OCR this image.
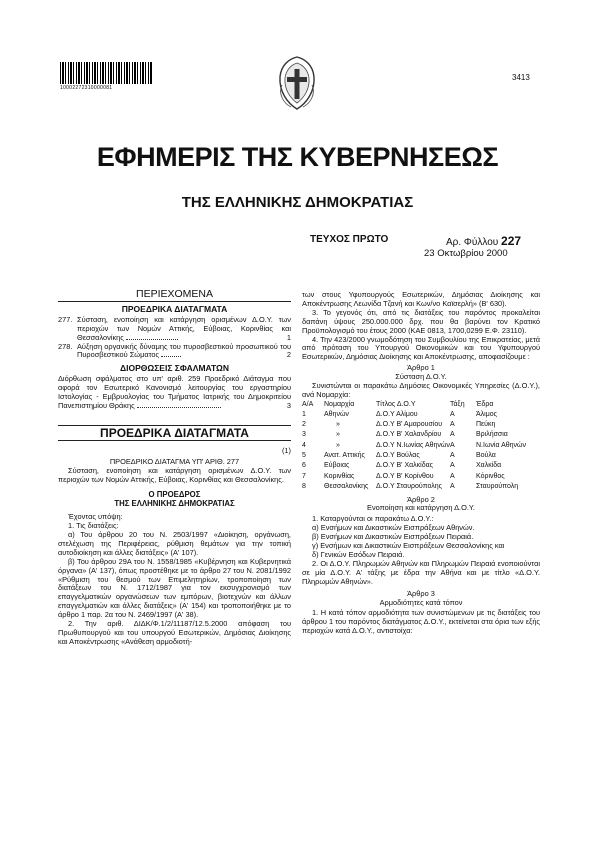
10002272310000081
3413
ΕΦΗΜΕΡΙΣ ΤΗΣ ΚΥΒΕΡΝΗΣΕΩΣ
ΤΗΣ ΕΛΛΗΝΙΚΗΣ ΔΗΜΟΚΡΑΤΙΑΣ
ΤΕΥΧΟΣ ΠΡΩΤΟ	Αρ. Φύλλου 227
23 Οκτωβρίου 2000
ΠΕΡΙΕΧΟΜΕΝΑ
ΠΡΟΕΔΡΙΚΑ ΔΙΑΤΑΓΜΑΤΑ
277. Σύσταση, ενοποίηση και κατάργηση ορισμένων Δ.Ο.Υ. των περιοχών των Νομών Αττικής, Εύβοιας, Κορινθίας και Θεσσαλονίκης	1
278. Αύξηση οργανικής δύναμης του πυροσβεστικού προσωπικού του Πυροσβεστικού Σώματος	2
ΔΙΟΡΘΩΣΕΙΣ ΣΦΑΛΜΑΤΩΝ
Διόρθωση σφάλματος στο υπ' αριθ. 259 Προεδρικό Διάταγμα που αφορά τον Εσωτερικό Κανονισμό λειτουργίας του εργαστηρίου Ιστολογίας - Εμβρυολογίας του Τμήματος Ιατρικής του Δημοκριτείου Πανεπιστημίου Θράκης	3
ΠΡΟΕΔΡΙΚΑ ΔΙΑΤΑΓΜΑΤΑ
(1)
ΠΡΟΕΔΡΙΚΟ ΔΙΑΤΑΓΜΑ ΥΠ' ΑΡΙΘ. 277
Σύσταση, ενοποίηση και κατάργηση ορισμένων Δ.Ο.Υ. των περιοχών των Νομών Αττικής, Εύβοιας, Κορινθίας και Θεσσαλονίκης.
Ο ΠΡΟΕΔΡΟΣ
ΤΗΣ ΕΛΛΗΝΙΚΗΣ ΔΗΜΟΚΡΑΤΙΑΣ
Έχοντας υπόψη:
1. Τις διατάξεις:
α) Του άρθρου 20 του Ν. 2503/1997 «Διοίκηση, οργάνωση, στελέχωση της Περιφέρειας, ρύθμιση θεμάτων για την τοπική αυτοδιοίκηση και άλλες διατάξεις» (Α' 107).
β) Του άρθρου 29Α του Ν. 1558/1985 «Κυβέρνηση και Κυβερνητικά όργανα» (Α' 137), όπως προστέθηκε με το άρθρο 27 του Ν. 2081/1992 «Ρύθμιση του θεσμού των Επιμελητηρίων, τροποποίηση των διατάξεων του Ν. 1712/1987 για τον εκσυγχρονισμό των επαγγελματικών οργανώσεων των εμπόρων, βιοτεχνών και άλλων επαγγελματιών και άλλες διατάξεις» (Α' 154) και τροποποιήθηκε με το άρθρο 1 παρ. 2α του Ν. 2469/1997 (Α' 38).
2. Την αριθ. ΔΙΔΚ/Φ.1/2/11187/12.5.2000 απόφαση του Πρωθυπουργού και του υπουργού Εσωτερικών, Δημόσιας Διοίκησης και Αποκέντρωσης «Ανάθεση αρμοδιοτή-
των στους Υφυπουργούς Εσωτερικών, Δημόσιας Διοίκησης και Αποκέντρωσης Λεωνίδα Τζανή και Κων/νο Καϊσερλή» (Β' 630).
3. Το γεγονός ότι, από τις διατάξεις του παρόντος προκαλείται δαπάνη ύψους 250.000.000 δρχ. που θα βαρύνει τον Κρατικό Προϋπολογισμό του έτους 2000 (ΚΑΕ 0813, 1700,0299 Ε.Φ. 23110).
4. Την 423/2000 γνωμοδότηση του Συμβουλίου της Επικρατείας, μετά από πρόταση του Υπουργού Οικονομικών και του Υφυπουργού Εσωτερικών, Δημόσιας Διοίκησης και Αποκέντρωσης, αποφασίζουμε :
Άρθρο 1
Σύσταση Δ.Ο.Υ.
Συνιστώνται οι παρακάτω Δημόσιες Οικονομικές Υπηρεσίες (Δ.Ο.Υ.), ανά Νομαρχία:
Α/Α	Νομαρχία	Τίτλος Δ.Ο.Υ	Τάξη	Έδρα
1	Αθηνών	Δ.Ο.Υ Αλίμου	Α	Άλιμος
2	»	Δ.Ο.Υ Β' Αμαρουσίου	Α	Πεύκη
3	»	Δ.Ο.Υ Β' Χαλανδρίου	Α	Βριλήσσια
4	»	Δ.Ο.Υ Ν.Ιωνίας Αθηνών	Α	Ν.Ιωνία Αθηνών
5	Ανατ. Αττικής	Δ.Ο.Υ Βούλας	Α	Βούλα
6	Εύβοιας	Δ.Ο.Υ Β' Χαλκίδας	Α	Χαλκίδα
7	Κορινθίας	Δ.Ο.Υ Β' Κορίνθου	Α	Κόρινθος
8	Θεσσαλονίκης	Δ.Ο.Υ Σταυρούπολης	Α	Σταυρούπολη
Άρθρο 2
Ενοποίηση και κατάργηση Δ.Ο.Υ.
1. Καταργούνται οι παρακάτω Δ.Ο.Υ.:
α) Ενσήμων και Δικαστικών Εισπράξεων Αθηνών.
β) Ενσήμων και Δικαστικών Εισπράξεων Πειραιά.
γ) Ενσήμων και Δικαστικών Εισπράξεων Θεσσαλονίκης και
δ) Γενικών Εσόδων Πειραιά.
2. Οι Δ.Ο.Υ. Πληρωμών Αθηνών και Πληρωμών Πειραιά ενοποιούνται σε μία Δ.Ο.Υ. Α' τάξης με έδρα την Αθήνα και με τίτλο «Δ.Ο.Υ. Πληρωμών Αθηνών».
Άρθρο 3
Αρμοδιότητες κατά τόπον
1. Η κατά τόπον αρμοδιότητα των συνιστώμενων με τις διατάξεις του άρθρου 1 του παρόντος διατάγματος Δ.Ο.Υ., εκτείνεται στα όρια των εξής περιοχών κατά Δ.Ο.Υ., αντιστοίχα:
